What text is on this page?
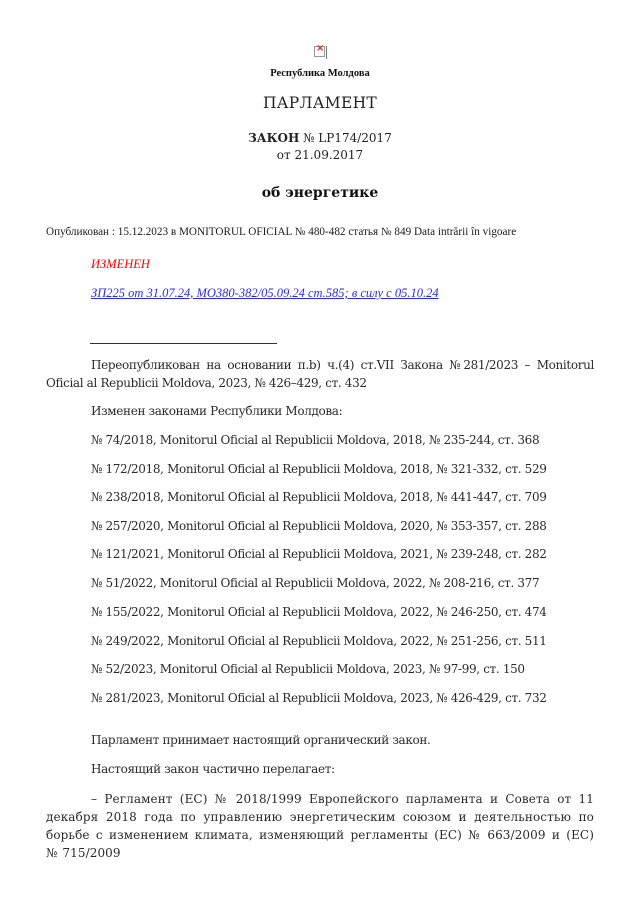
×
Республика Молдова
ПАРЛАМЕНТ
ЗАКОН № LP174/2017
от 21.09.2017
об энергетике
Опубликован : 15.12.2023 в MONITORUL OFICIAL № 480-482 статья № 849 Data intrării în vigoare
ИЗМЕНЕН
ЗП225 от 31.07.24, MO380-382/05.09.24 ст.585; в силу с 05.10.24
Переопубликован на основании п.b) ч.(4) ст.VII Закона №281/2023 – Monitorul Oficial al Republicii Moldova, 2023, № 426–429, ст. 432
Изменен законами Республики Молдова:
№ 74/2018, Monitorul Oficial al Republicii Moldova, 2018, № 235-244, ст. 368
№ 172/2018, Monitorul Oficial al Republicii Moldova, 2018, № 321-332, ст. 529
№ 238/2018, Monitorul Oficial al Republicii Moldova, 2018, № 441-447, ст. 709
№ 257/2020, Monitorul Oficial al Republicii Moldova, 2020, № 353-357, ст. 288
№ 121/2021, Monitorul Oficial al Republicii Moldova, 2021, № 239-248, ст. 282
№ 51/2022, Monitorul Oficial al Republicii Moldova, 2022, № 208-216, ст. 377
№ 155/2022, Monitorul Oficial al Republicii Moldova, 2022, № 246-250, ст. 474
№ 249/2022, Monitorul Oficial al Republicii Moldova, 2022, № 251-256, ст. 511
№ 52/2023, Monitorul Oficial al Republicii Moldova, 2023, № 97-99, ст. 150
№ 281/2023, Monitorul Oficial al Republicii Moldova, 2023, № 426-429, ст. 732
Парламент принимает настоящий органический закон.
Настоящий закон частично перелагает:
– Регламент (ЕС) № 2018/1999 Европейского парламента и Совета от 11 декабря 2018 года по управлению энергетическим союзом и деятельностью по борьбе с изменением климата, изменяющий регламенты (ЕС) № 663/2009 и (ЕС) № 715/2009
